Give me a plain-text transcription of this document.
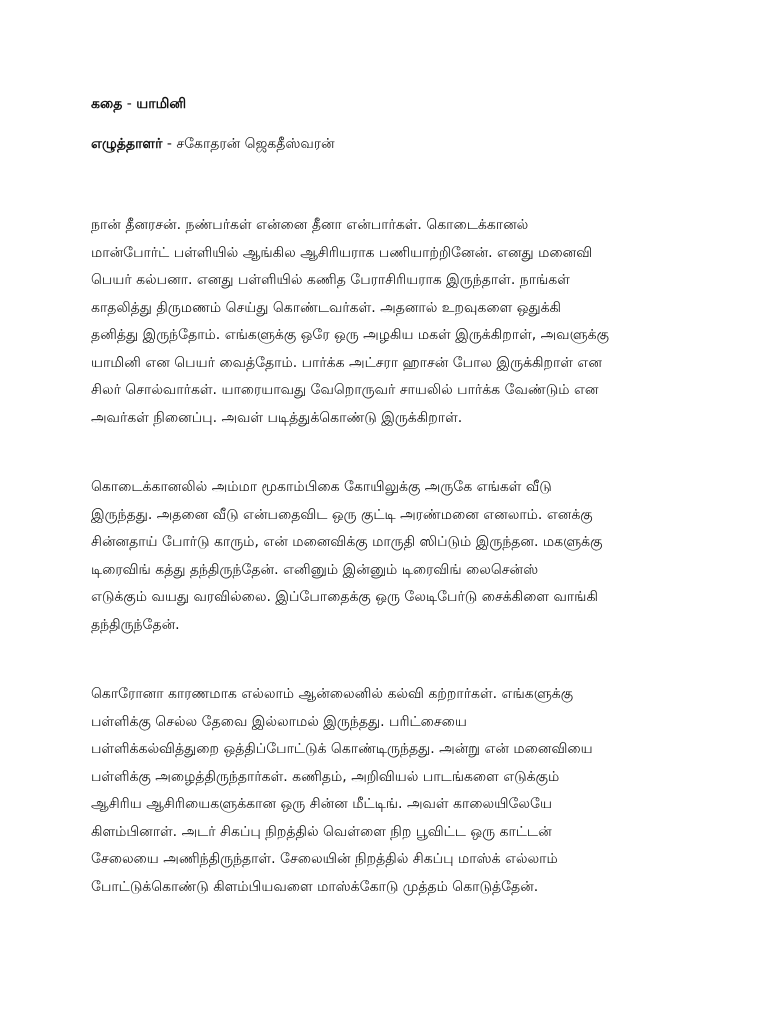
கதை - யாமினி

எழுத்தாளர் - சகோதரன் ஜெகதீஸ்வரன்

நான் தீனரசன். நண்பர்கள் என்னை தீனா என்பார்கள். கொடைக்கானல்
மான்போர்ட் பள்ளியில் ஆங்கில ஆசிரியராக பணியாற்றினேன். எனது மனைவி
பெயர் கல்பனா. எனது பள்ளியில் கணித பேராசிரியராக இருந்தாள். நாங்கள்
காதலித்து திருமணம் செய்து கொண்டவர்கள். அதனால் உறவுகளை ஒதுக்கி
தனித்து இருந்தோம். எங்களுக்கு ஒரே ஒரு அழகிய மகள் இருக்கிறாள், அவளுக்கு
யாமினி என பெயர் வைத்தோம். பார்க்க அட்சரா ஹாசன் போல இருக்கிறாள் என
சிலர் சொல்வார்கள். யாரையாவது வேறொருவர் சாயலில் பார்க்க வேண்டும் என
அவர்கள் நினைப்பு. அவள் படித்துக்கொண்டு இருக்கிறாள்.
கொடைக்கானலில் அம்மா மூகாம்பிகை கோயிலுக்கு அருகே எங்கள் வீடு
இருந்தது. அதனை வீடு என்பதைவிட ஒரு குட்டி அரண்மனை எனலாம். எனக்கு
சின்னதாய் போர்டு காரும், என் மனைவிக்கு மாருதி ஸிப்டும் இருந்தன. மகளுக்கு
டிரைவிங் கத்து தந்திருந்தேன். எனினும் இன்னும் டிரைவிங் லைசென்ஸ்
எடுக்கும் வயது வரவில்லை. இப்போதைக்கு ஒரு லேடிபேர்டு சைக்கிளை வாங்கி
தந்திருந்தேன்.
கொரோனா காரணமாக எல்லாம் ஆன்லைனில் கல்வி கற்றார்கள். எங்களுக்கு
பள்ளிக்கு செல்ல தேவை இல்லாமல் இருந்தது. பரிட்சையை
பள்ளிக்கல்வித்துறை ஒத்திப்போட்டுக் கொண்டிருந்தது. அன்று என் மனைவியை
பள்ளிக்கு அழைத்திருந்தார்கள். கணிதம், அறிவியல் பாடங்களை எடுக்கும்
ஆசிரிய ஆசிரியைகளுக்கான ஒரு சின்ன மீட்டிங். அவள் காலையிலேயே
கிளம்பினாள். அடர் சிகப்பு நிறத்தில் வெள்ளை நிற பூவிட்ட ஒரு காட்டன்
சேலையை அணிந்திருந்தாள். சேலையின் நிறத்தில் சிகப்பு மாஸ்க் எல்லாம்
போட்டுக்கொண்டு கிளம்பியவளை மாஸ்க்கோடு முத்தம் கொடுத்தேன்.
